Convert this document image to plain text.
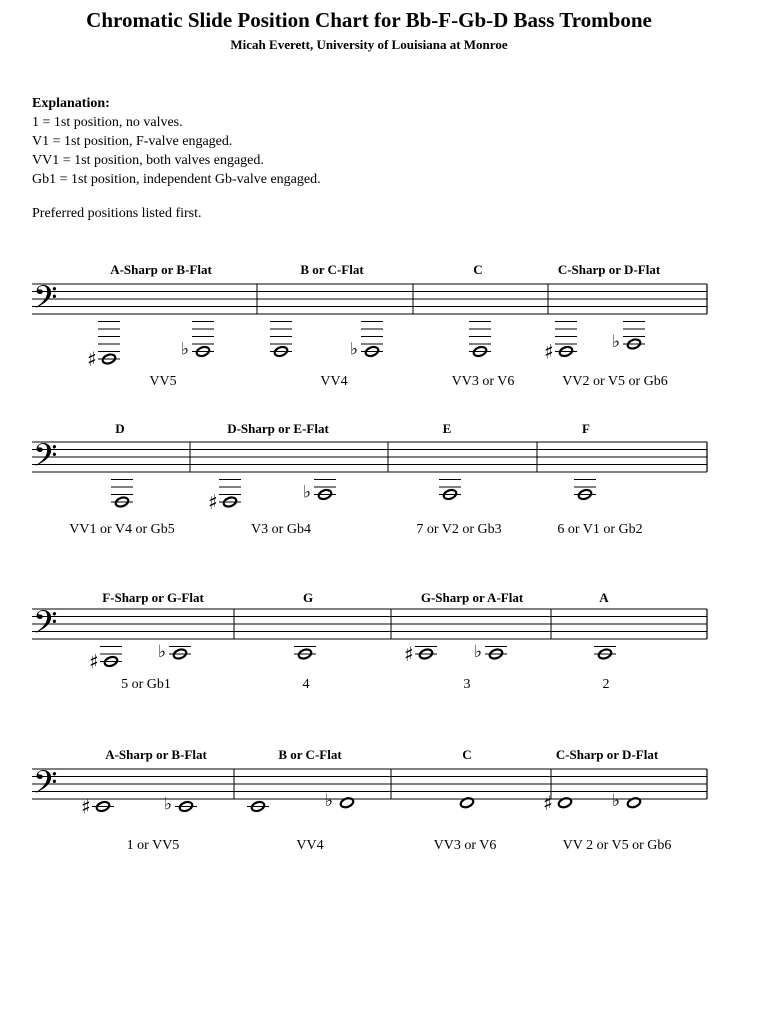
Chromatic Slide Position Chart for Bb-F-Gb-D Bass Trombone
Micah Everett, University of Louisiana at Monroe
Explanation:
1 = 1st position, no valves.
V1 = 1st position, F-valve engaged.
VV1 = 1st position, both valves engaged.
Gb1 = 1st position, independent Gb-valve engaged.
Preferred positions listed first.
𝄢
♯	♭	♭	♯	♭
A-Sharp or B-Flat
VV5
B or C-Flat
VV4
C
VV3 or V6
C-Sharp or D-Flat
VV2 or V5 or Gb6
𝄢
♯	♭
D
VV1 or V4 or Gb5
D-Sharp or E-Flat
V3 or Gb4
E
7 or V2 or Gb3
F
6 or V1 or Gb2
𝄢
♯	♭	♯	♭
F-Sharp or G-Flat
5 or Gb1
G
4
G-Sharp or A-Flat
3
A
2
𝄢 ♯	♭	♭	♯	♭
A-Sharp or B-Flat
1 or VV5
B or C-Flat
VV4
C
VV3 or V6
C-Sharp or D-Flat
VV 2 or V5 or Gb6
